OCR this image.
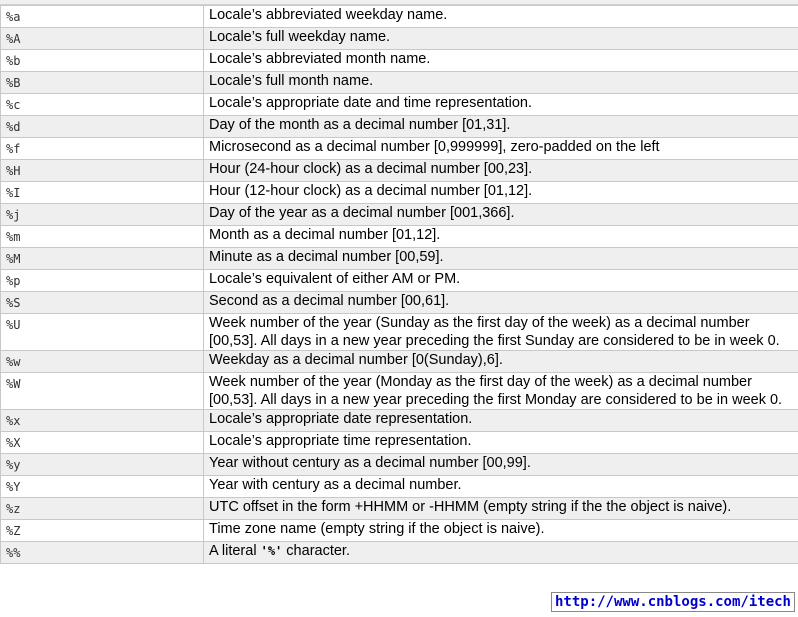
%a	Locale’s abbreviated weekday name.
%A	Locale’s full weekday name.
%b	Locale’s abbreviated month name.
%B	Locale’s full month name.
%c	Locale’s appropriate date and time representation.
%d	Day of the month as a decimal number [01,31].
%f	Microsecond as a decimal number [0,999999], zero-padded on the left
%H	Hour (24-hour clock) as a decimal number [00,23].
%I	Hour (12-hour clock) as a decimal number [01,12].
%j	Day of the year as a decimal number [001,366].
%m	Month as a decimal number [01,12].
%M	Minute as a decimal number [00,59].
%p	Locale’s equivalent of either AM or PM.
%S	Second as a decimal number [00,61].
%U	Week number of the year (Sunday as the first day of the week) as a decimal number [00,53]. All days in a new year preceding the first Sunday are considered to be in week 0.
%w	Weekday as a decimal number [0(Sunday),6].
%W	Week number of the year (Monday as the first day of the week) as a decimal number [00,53]. All days in a new year preceding the first Monday are considered to be in week 0.
%x	Locale’s appropriate date representation.
%X	Locale’s appropriate time representation.
%y	Year without century as a decimal number [00,99].
%Y	Year with century as a decimal number.
%z	UTC offset in the form +HHMM or -HHMM (empty string if the the object is naive).
%Z	Time zone name (empty string if the object is naive).
%%	A literal '%' character.
http://www.cnblogs.com/itech
